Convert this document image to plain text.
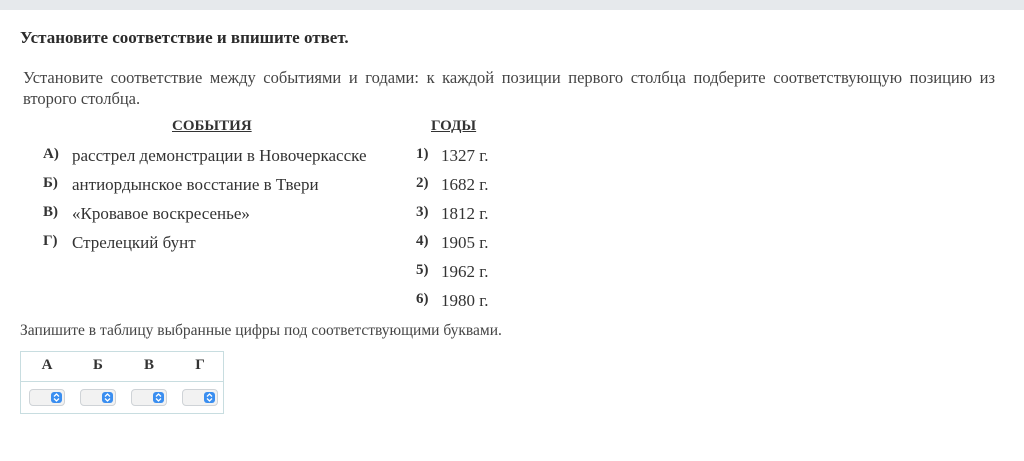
Установите соответствие и впишите ответ.
Установите соответствие между событиями и годами: к каждой позиции первого столбца подберите соответствующую позицию из второго столбца.
СОБЫТИЯ	ГОДЫ
А) расстрел демонстрации в Новочеркасске
Б) антиордынское восстание в Твери
В) «Кровавое воскресенье»
Г) Стрелецкий бунт
1) 1327 г.
2) 1682 г.
3) 1812 г.
4) 1905 г.
5) 1962 г.
6) 1980 г.
Запишите в таблицу выбранные цифры под соответствующими буквами.
А	Б	В	Г
